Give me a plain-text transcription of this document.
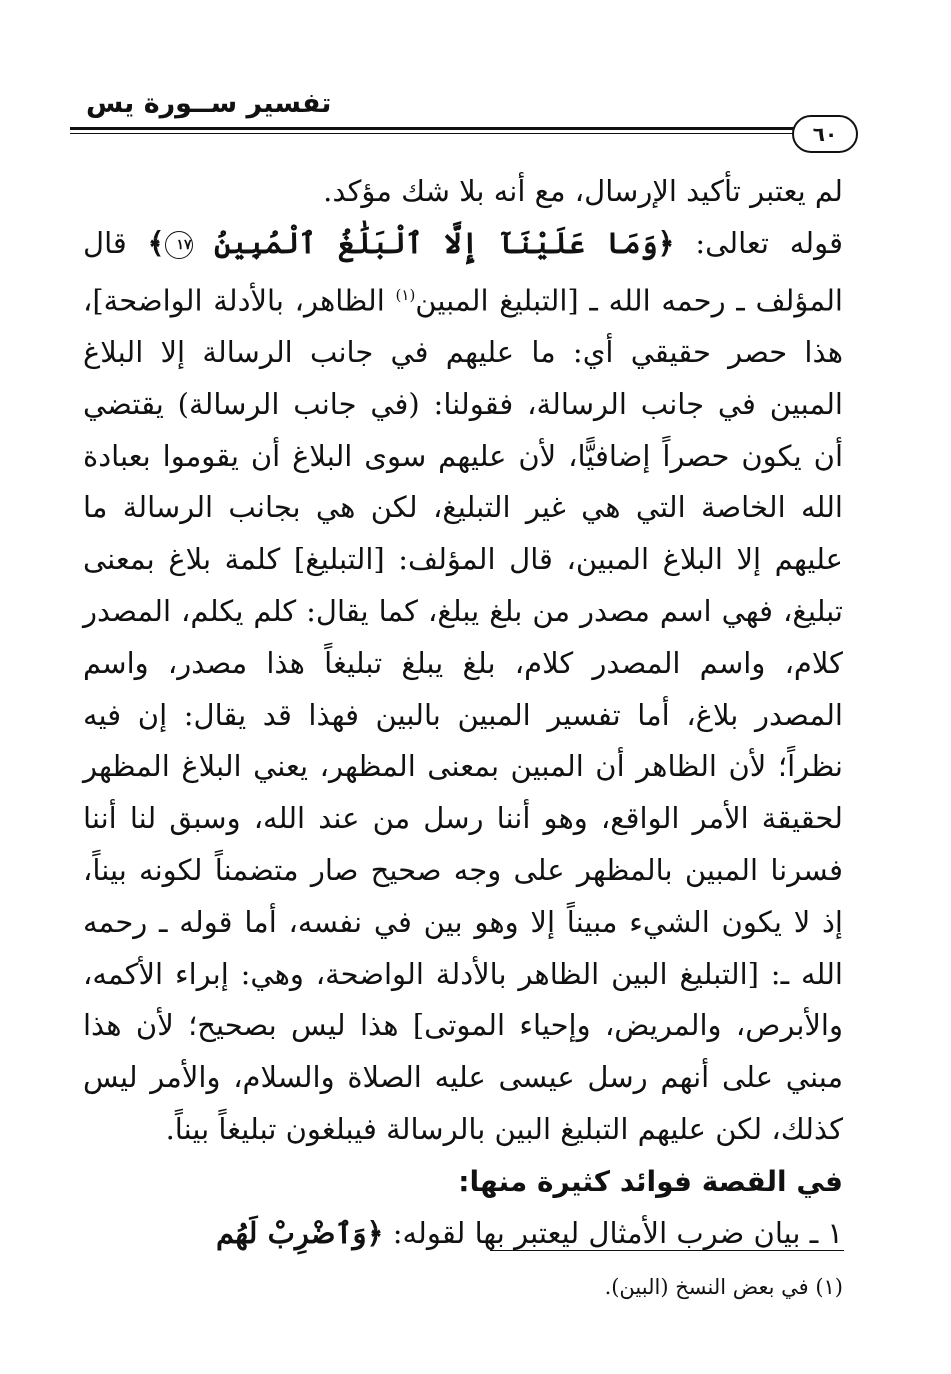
تفسير ســورة يس
٦٠

لم يعتبر تأكيد الإرسال، مع أنه بلا شك مؤكد.

قوله تعالى: ﴿وَمَا عَلَيْنَآ إِلَّا ٱلْبَلَٰغُ ٱلْمُبِينُ ١٧﴾ قال المؤلف ـ رحمه الله ـ [التبليغ المبين$^{(١)}$ الظاهر، بالأدلة الواضحة]، هذا حصر حقيقي أي: ما عليهم في جانب الرسالة إلا البلاغ المبين في جانب الرسالة، فقولنا: (في جانب الرسالة) يقتضي أن يكون حصراً إضافيًّا، لأن عليهم سوى البلاغ أن يقوموا بعبادة الله الخاصة التي هي غير التبليغ، لكن هي بجانب الرسالة ما عليهم إلا البلاغ المبين، قال المؤلف: [التبليغ] كلمة بلاغ بمعنى تبليغ، فهي اسم مصدر من بلغ يبلغ، كما يقال: كلم يكلم، المصدر كلام، واسم المصدر كلام، بلغ يبلغ تبليغاً هذا مصدر، واسم المصدر بلاغ، أما تفسير المبين بالبين فهذا قد يقال: إن فيه نظراً؛ لأن الظاهر أن المبين بمعنى المظهر، يعني البلاغ المظهر لحقيقة الأمر الواقع، وهو أننا رسل من عند الله، وسبق لنا أننا فسرنا المبين بالمظهر على وجه صحيح صار متضمناً لكونه بيناً، إذ لا يكون الشيء مبيناً إلا وهو بين في نفسه، أما قوله ـ رحمه الله ـ: [التبليغ البين الظاهر بالأدلة الواضحة، وهي: إبراء الأكمه، والأبرص، والمريض، وإحياء الموتى] هذا ليس بصحيح؛ لأن هذا مبني على أنهم رسل عيسى عليه الصلاة والسلام، والأمر ليس كذلك، لكن عليهم التبليغ البين بالرسالة فيبلغون تبليغاً بيناً.

في القصة فوائد كثيرة منها:

١ ـ بيان ضرب الأمثال ليعتبر بها لقوله: ﴿وَٱضْرِبْ لَهُم

(١) في بعض النسخ (البين).
